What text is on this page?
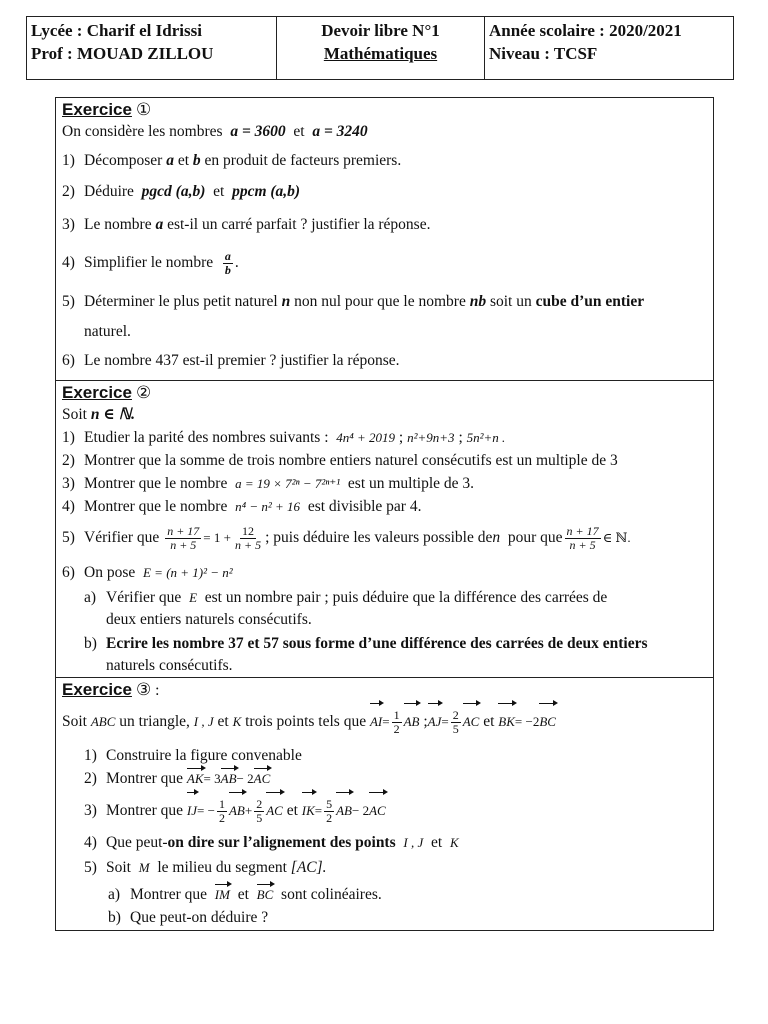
Lycée : Charif el Idrissi
Prof : MOUAD ZILLOU
Devoir libre N°1
Mathématiques
Année scolaire : 2020/2021
Niveau : TCSF
Exercice ①
On considère les nombres a = 3600 et a = 3240
1) Décomposer a et b en produit de facteurs premiers.
2) Déduire pgcd (a,b) et ppcm (a,b)
3) Le nombre a est-il un carré parfait ? justifier la réponse.
4) Simplifier le nombre $\frac{a}{b}$ .
5) Déterminer le plus petit naturel n non nul pour que le nombre nb soit un cube d’un entier
naturel.
6) Le nombre 437 est-il premier ? justifier la réponse.
Exercice ②
Soit n ∈ ℕ.
1) Etudier la parité des nombres suivants : 4n⁴ + 2019 ; n²+9n+3 ; 5n²+n .
2) Montrer que la somme de trois nombre entiers naturel consécutifs est un multiple de 3
3) Montrer que le nombre a = 19 × 7²ⁿ − 7²ⁿ⁺¹ est un multiple de 3.
4) Montrer que le nombre n⁴ − n² + 16 est divisible par 4.
5) Vérifier que $\frac{n + 17}{n + 5} = 1 + \frac{12}{n + 5}$ ; puis déduire les valeurs possible den pour que $\frac{n + 17}{n + 5}$ ∈ ℕ.
6) On pose E = (n + 1)² − n²
a) Vérifier que E est un nombre pair ; puis déduire que la différence des carrées de
deux entiers naturels consécutifs.
b) Ecrire les nombre 37 et 57 sous forme d’une différence des carrées de deux entiers
naturels consécutifs.
Exercice ③ :
Soit ABC un triangle, I , J et K trois points tels que $AI= \frac{1}{2}$ AB ;AJ= $\frac{2}{5}$ AC et BK= −2BC
1) Construire la figure convenable
2) Montrer que AK= 3AB− 2AC
3) Montrer que $IJ= - \frac{1}{2} AB+ \frac{2}{5}$ AC et $IK= \frac{5}{2} AB- 2AC$
4) Que peut-on dire sur l’alignement des points I , J et K
5) Soit M le milieu du segment [AC].
a) Montrer que IM et BC sont colinéaires.
b) Que peut-on déduire ?
